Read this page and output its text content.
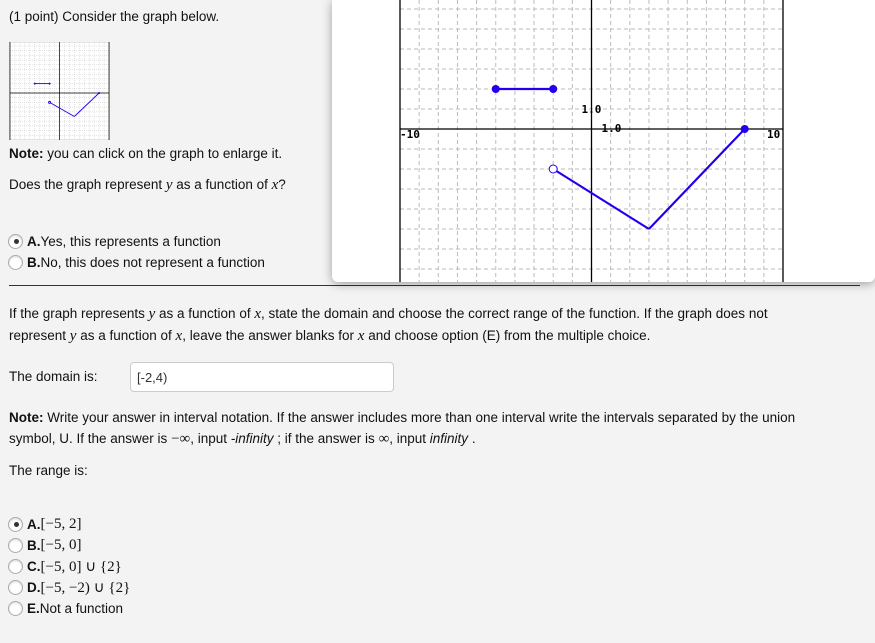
(1 point) Consider the graph below.
Note: you can click on the graph to enlarge it.
Does the graph represent y as a function of x?
A. Yes, this represents a function
B. No, this does not represent a function
1.0
1.0
-10	10
If the graph represents y as a function of x, state the domain and choose the correct range of the function. If the graph does not
represent y as a function of x, leave the answer blanks for x and choose option (E) from the multiple choice.
The domain is:
[-2,4)
Note: Write your answer in interval notation. If the answer includes more than one interval write the intervals separated by the union
symbol, U. If the answer is −∞, input -infinity ; if the answer is ∞, input infinity .
The range is:
A. [−5, 2]
B. [−5, 0]
C. [−5, 0] ∪ {2}
D. [−5, −2) ∪ {2}
E. Not a function
